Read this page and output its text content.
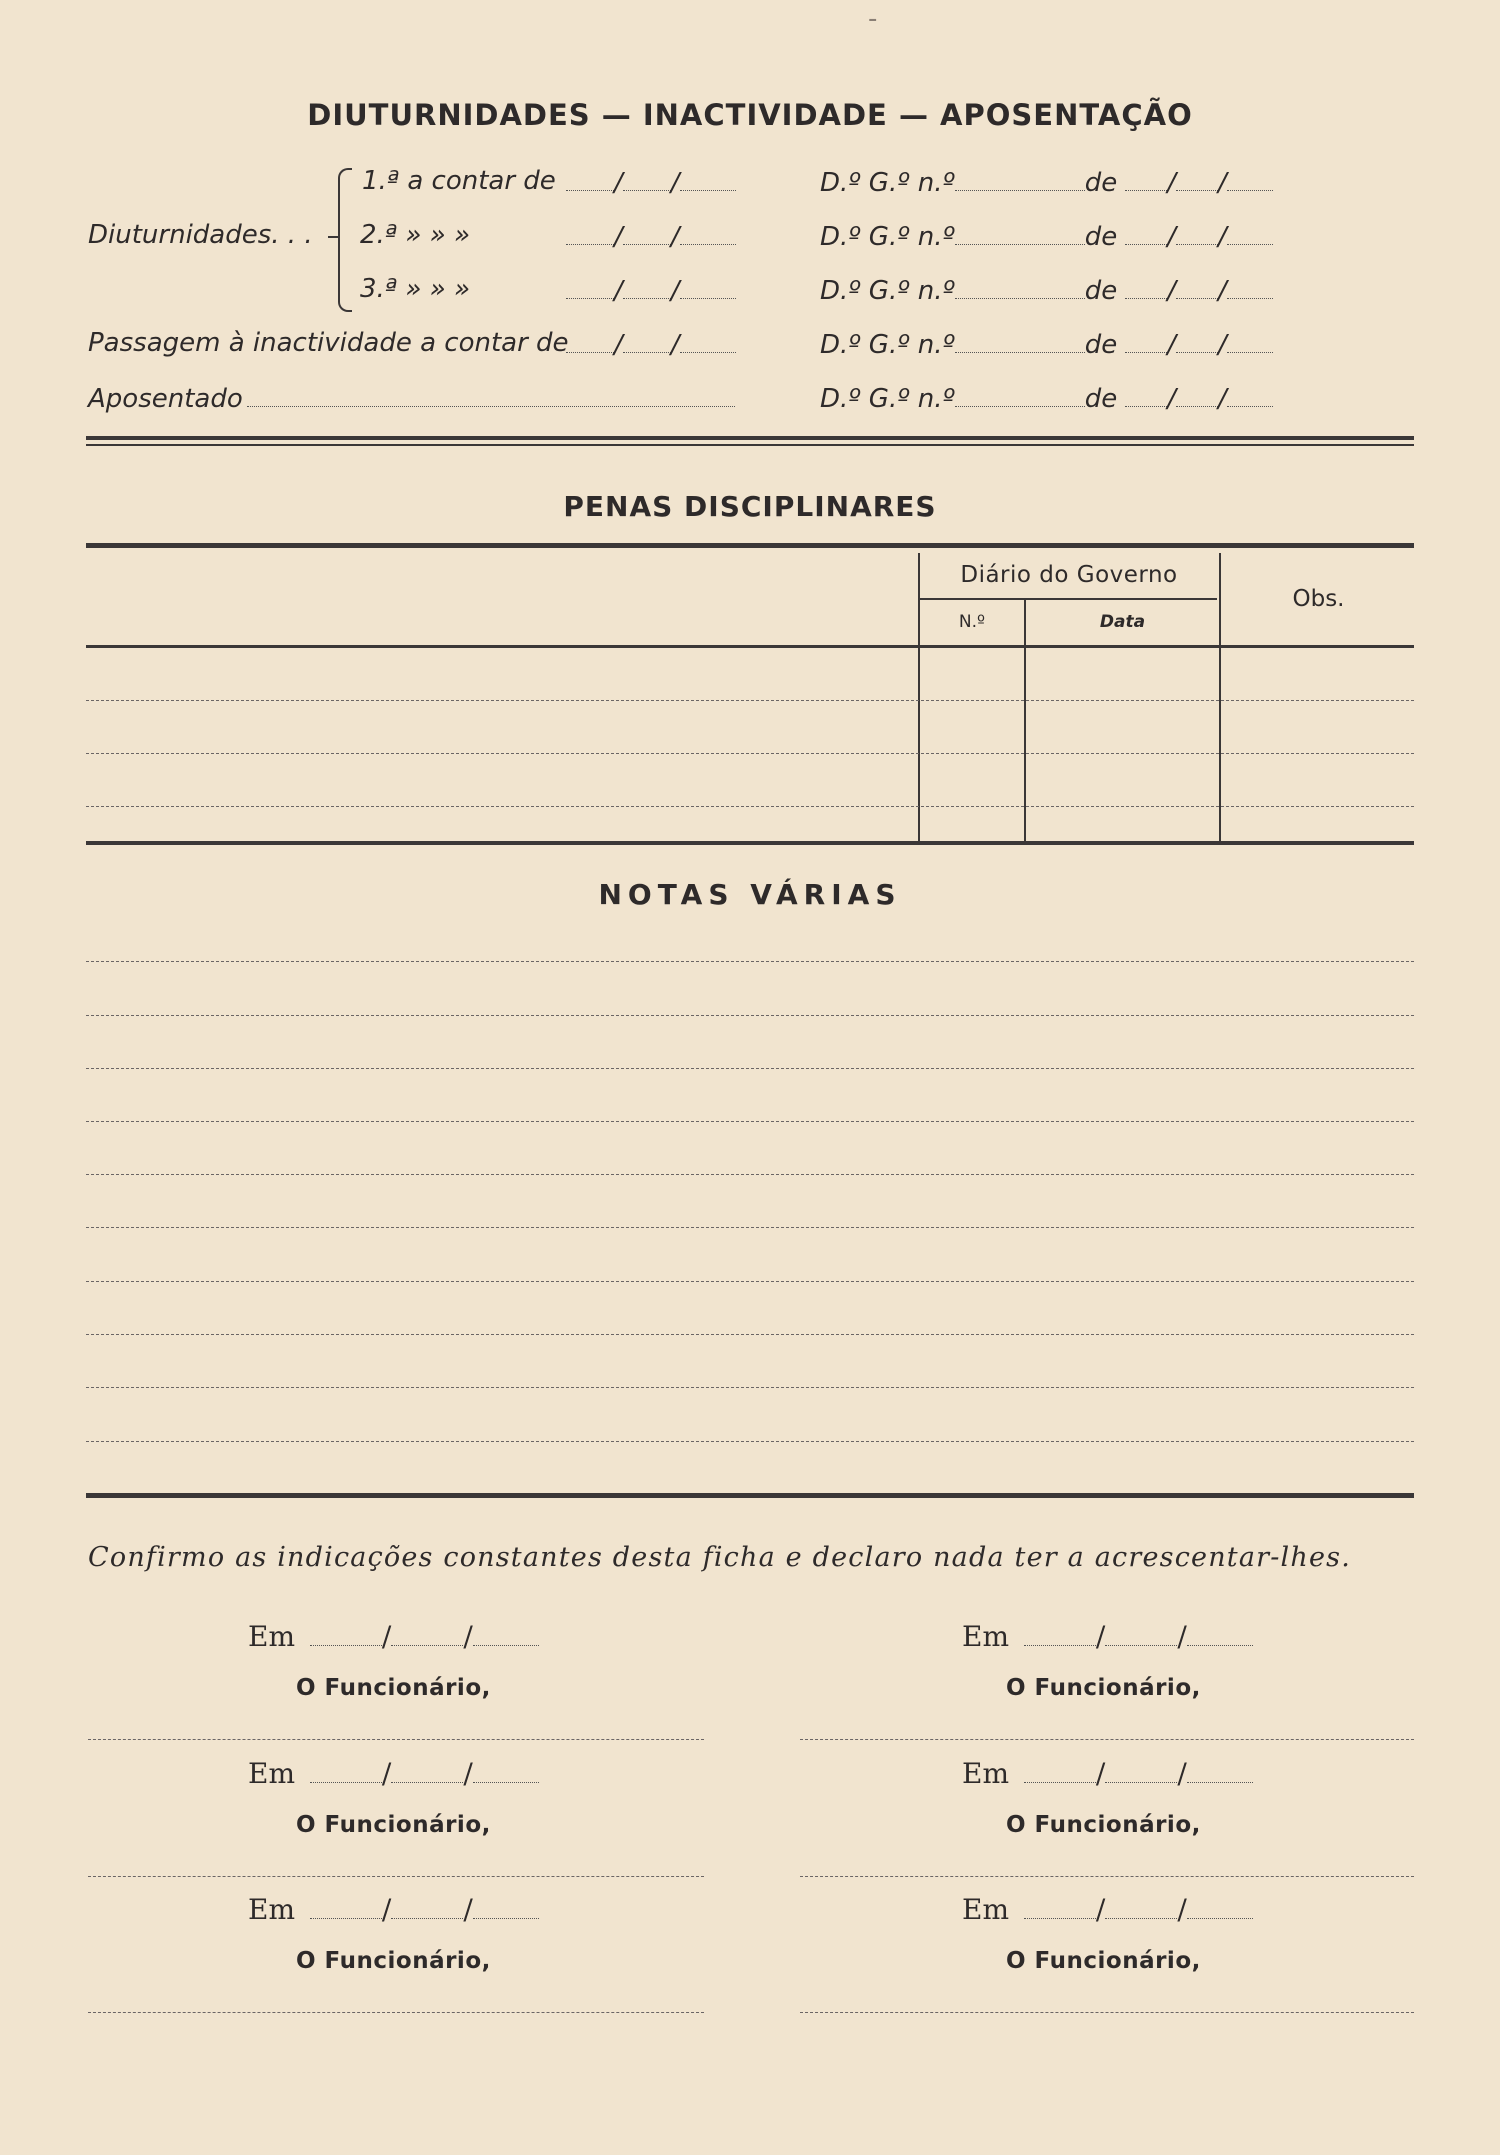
-
DIUTURNIDADES — INACTIVIDADE — APOSENTAÇÃO
Diuturnidades. . .
1.ª a contar de / /	D.º G.º n.º	de / /
2.ª » » »	/ /	D.º G.º n.º	de / /
3.ª » » »	/ /	D.º G.º n.º	de / /
Passagem à inactividade a contar de / /	D.º G.º n.º	de / /
Aposentado	D.º G.º n.º	de / /
PENAS DISCIPLINARES
Diário do Governo
N.º	Data
Obs.
NOTAS VÁRIAS
Confirmo as indicações constantes desta ficha e declaro nada ter a acrescentar-lhes.
Em	/	/
O Funcionário,
Em	/	/
O Funcionário,
Em	/	/
O Funcionário,
Em	/	/
O Funcionário,
Em	/	/
O Funcionário,
Em	/	/
O Funcionário,
